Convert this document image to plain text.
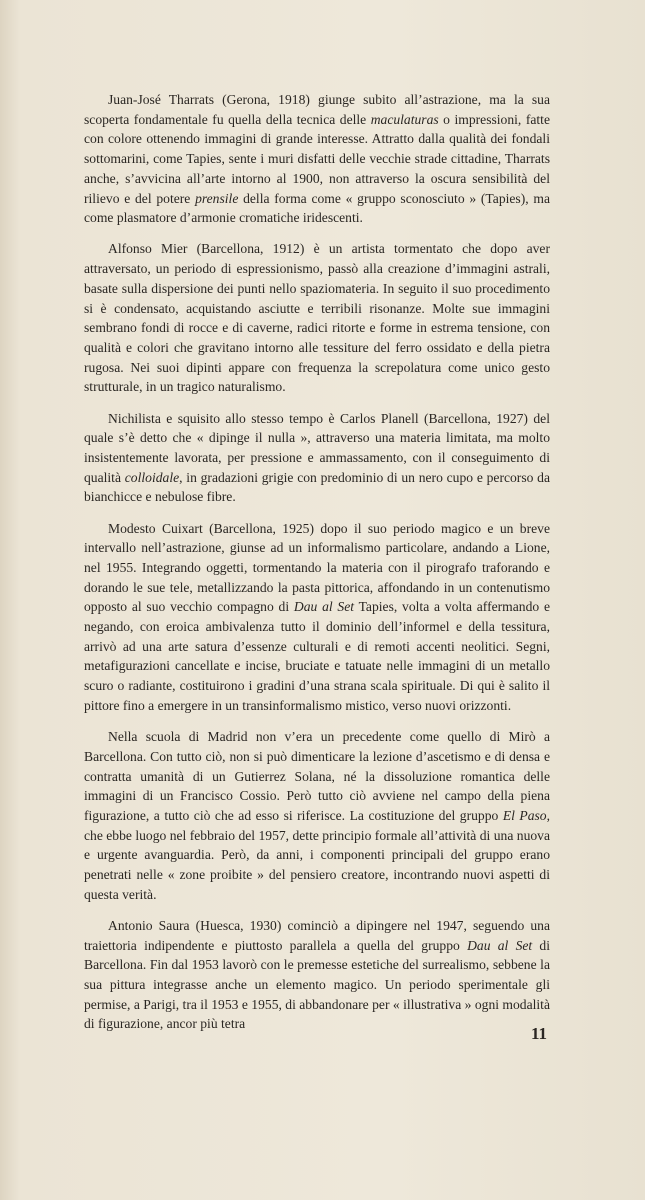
Juan-José Tharrats (Gerona, 1918) giunge subito all’astrazione, ma la sua scoperta fondamentale fu quella della tecnica delle maculaturas o impressioni, fatte con colore ottenendo immagini di grande interesse. Attratto dalla qualità dei fondali sottomarini, come Tapies, sente i muri disfatti delle vecchie strade cittadine, Tharrats anche, s’avvicina all’arte intorno al 1900, non attraverso la oscura sensibilità del rilievo e del potere prensile della forma come « gruppo sconosciuto » (Tapies), ma come plasmatore d’armonie cromatiche iridescenti.

Alfonso Mier (Barcellona, 1912) è un artista tormentato che dopo aver attraversato, un periodo di espressionismo, passò alla creazione d’immagini astrali, basate sulla dispersione dei punti nello spaziomateria. In seguito il suo procedimento si è condensato, acquistando asciutte e terribili risonanze. Molte sue immagini sembrano fondi di rocce e di caverne, radici ritorte e forme in estrema tensione, con qualità e colori che gravitano intorno alle tessiture del ferro ossidato e della pietra rugosa. Nei suoi dipinti appare con frequenza la screpolatura come unico gesto strutturale, in un tragico naturalismo.

Nichilista e squisito allo stesso tempo è Carlos Planell (Barcellona, 1927) del quale s’è detto che « dipinge il nulla », attraverso una materia limitata, ma molto insistentemente lavorata, per pressione e ammassamento, con il conseguimento di qualità colloidale, in gradazioni grigie con predominio di un nero cupo e percorso da bianchicce e nebulose fibre.

Modesto Cuixart (Barcellona, 1925) dopo il suo periodo magico e un breve intervallo nell’astrazione, giunse ad un informalismo particolare, andando a Lione, nel 1955. Integrando oggetti, tormentando la materia con il pirografo traforando e dorando le sue tele, metallizzando la pasta pittorica, affondando in un contenutismo opposto al suo vecchio compagno di Dau al Set Tapies, volta a volta affermando e negando, con eroica ambivalenza tutto il dominio dell’informel e della tessitura, arrivò ad una arte satura d’essenze culturali e di remoti accenti neolitici. Segni, metafigurazioni cancellate e incise, bruciate e tatuate nelle immagini di un metallo scuro o radiante, costituirono i gradini d’una strana scala spirituale. Di qui è salito il pittore fino a emergere in un transinformalismo mistico, verso nuovi orizzonti.

Nella scuola di Madrid non v’era un precedente come quello di Mirò a Barcellona. Con tutto ciò, non si può dimenticare la lezione d’ascetismo e di densa e contratta umanità di un Gutierrez Solana, né la dissoluzione romantica delle immagini di un Francisco Cossio. Però tutto ciò avviene nel campo della piena figurazione, a tutto ciò che ad esso si riferisce. La costituzione del gruppo El Paso, che ebbe luogo nel febbraio del 1957, dette principio formale all’attività di una nuova e urgente avanguardia. Però, da anni, i componenti principali del gruppo erano penetrati nelle « zone proibite » del pensiero creatore, incontrando nuovi aspetti di questa verità.

Antonio Saura (Huesca, 1930) cominciò a dipingere nel 1947, seguendo una traiettoria indipendente e piuttosto parallela a quella del gruppo Dau al Set di Barcellona. Fin dal 1953 lavorò con le premesse estetiche del surrealismo, sebbene la sua pittura integrasse anche un elemento magico. Un periodo sperimentale gli permise, a Parigi, tra il 1953 e 1955, di abbandonare per « illustrativa » ogni modalità di figurazione, ancor più tetra

11
